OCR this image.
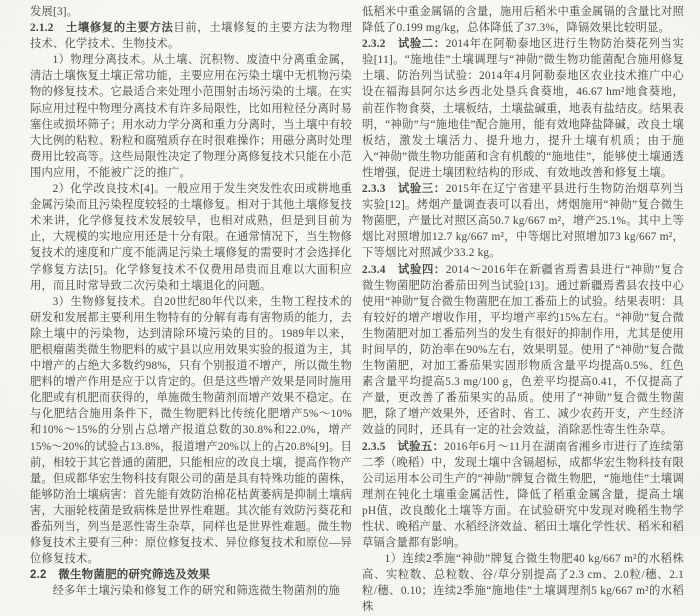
发展[3]。

2.1.2　土壤修复的主要方法目前，土壤修复的主要方法为物理技术、化学技术、生物技术。

1）物理分离技术。从土壤、沉积物、废渣中分离重金属，清洁土壤恢复土壤正常功能，主要应用在污染土壤中无机物污染物的修复技术。它最适合来处理小范围射击场污染的土壤。在实际应用过程中物理分离技术有许多局限性，比如用粒径分离时易塞住或损坏筛子；用水动力学分离和重力分离时，当土壤中有较大比例的粘粒、粉粒和腐殖质存在时很难操作；用磁分离时处理费用比较高等。这些局限性决定了物理分离修复技术只能在小范围内应用，不能被广泛的推广。

2）化学改良技术[4]。一般应用于发生突发性农田或耕地重金属污染而且污染程度较轻的土壤修复。相对于其他土壤修复技术来讲，化学修复技术发展较早，也相对成熟，但是到目前为止，大规模的实地应用还是十分有限。在通常情况下，当生物修复技术的速度和广度不能满足污染土壤修复的需要时才会选择化学修复方法[5]。化学修复技术不仅费用昂贵而且难以大面积应用，而且时常导致二次污染和土壤退化的问题。

3）生物修复技术。自20世纪80年代以来，生物工程技术的研发和发展都主要利用生物特有的分解有毒有害物质的能力，去除土壤中的污染物，达到清除环境污染的目的。1989年以来，肥根瘤菌类微生物肥料的威宁县以应用效果实验的报道为主，其中增产的占绝大多数约98%，只有个别报道不增产，所以微生物肥料的增产作用是应于以肯定的。但是这些增产效果是同时施用化肥或有机肥而获得的，单施微生物菌剂而增产效果不稳定。在与化肥结合施用条件下，微生物肥料比传统化肥增产5%～10%和10%～15%的分别占总增产报道总数的30.8%和22.0%，增产15%～20%的试验占13.8%，报道增产20%以上的占20.8%[9]。目前，相较于其它普通的菌肥，只能相应的改良土壤，提高作物产量。但成都华宏生物科技有限公司的菌是具有特殊功能的菌株，能够防治土壤病害：首先能有效防治棉花枯黄萎病是抑制土壤病害，大丽轮枝菌是致病株是世界性难题。其次能有效防污葵花和番茄列当，列当是恶性寄生杂草，同样也是世界性难题。微生物修复技术主要有三种：原位修复技术、异位修复技术和原位—异位修复技术。

2.2　微生物菌肥的研究筛选及效果

经多年土壤污染和修复工作的研究和筛选微生物菌剂的施

低稻米中重金属镉的含量，施用后稻米中重金属镉的含量比对照降低了0.199 mg/kg，总体降低了37.3%，降镉效果比较明显。

2.3.2　试验二：2014年在阿勒泰地区进行生物防治葵花列当实验[11]。“施地佳”土壤调理与“神勋”微生物功能菌配合施用修复土壤、防治列当试验：2014年4月阿勒泰地区农业技术推广中心设在福海县阿尔达乡西北处垦兵食葵地，46.67 hm²地食葵地，前茬作物食葵，土壤板结，土壤盐碱重，地表有盐结皮。结果表明，“神勋”与“施地佳”配合施用，能有效地降盐降碱，改良土壤板结，激发土壤活力、提升地力，提升土壤有机质；由于施入“神勋”微生物功能菌和含有机酸的“施地佳”，能够使土壤通透性增强，促进土壤团粒结构的形成、有效地改善和修复土壤。

2.3.3　试验三：2015年在辽宁省建平县进行生物防治烟草列当实验[12]。烤烟产量调查表可以看出，烤烟施用“神勋”复合微生物菌肥，产量比对照区高50.7 kg/667 m²，增产25.1%。其中上等烟比对照增加12.7 kg/667 m²，中等烟比对照增加73 kg/667 m²，下等烟比对照减少33.2 kg。

2.3.4　试验四：2014～2016年在新疆省焉耆县进行“神勋”复合微生物菌肥防治番茄田列当试验[13]。通过新疆焉耆县农技中心使用“神勋”复合微生物菌肥在加工番茄上的试验。结果表明：具有较好的增产增收作用，平均增产率约15%左右。“神勋”复合微生物菌肥对加工番茄列当的发生有很好的抑制作用，尤其是使用时间早的，防治率在90%左右，效果明显。使用了“神勋”复合微生物菌肥，对加工番茄果实固形物质含量平均提高0.5%、红色素含量平均提高5.3 mg/100 g，色差平均提高0.41，不仅提高了产量，更改善了番茄果实的品质。使用了“神勋”复合微生物菌肥，除了增产效果外，还省时、省工、减少农药开支，产生经济效益的同时，还具有一定的社会效益，消除恶性寄生性杂草。

2.3.5　试验五：2016年6月～11月在湖南省湘乡市进行了连续第二季（晚稻）中，发现土壤中含镉超标，成都华宏生物科技有限公司运用本公司生产的“神勋”牌复合微生物肥，“施地佳”土壤调理剂在钝化土壤重金属活性，降低了稻重金属含量，提高土壤pH值，改良酸化土壤等方面。在试验研究中发现对晚稻生物学性状、晚稻产量、水稻经济效益、稻田土壤化学性状、稻米和稻草镉含量都有影响。

1）连续2季施“神勋”牌复合微生物肥40 kg/667 m²的水稻株高、实粒数、总粒数、谷/草分别提高了2.3 cm、2.0粒/穗、2.1粒/穗、0.10；连续2季施“施地佳”土壤调理剂5 kg/667 m²的水稻株
